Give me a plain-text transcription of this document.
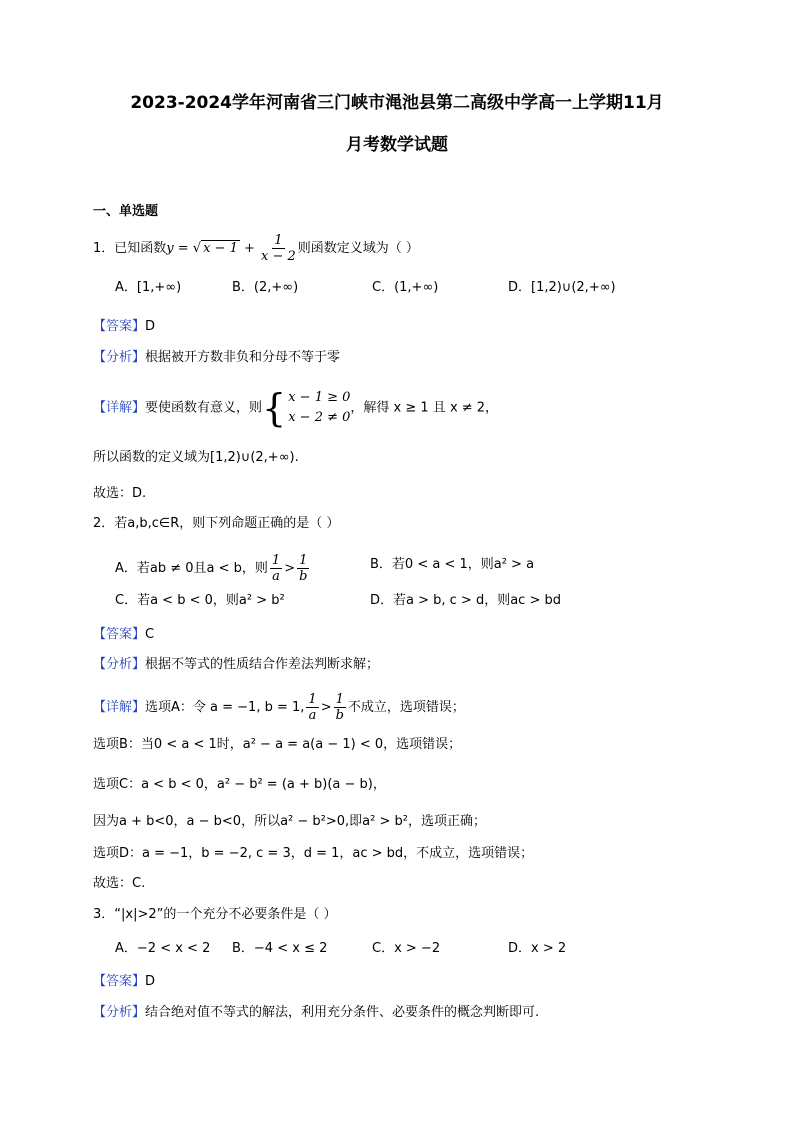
2023-2024学年河南省三门峡市渑池县第二高级中学高一上学期11月
月考数学试题
一、单选题
1．已知函数y = √ $x - 1 + \frac{1}{x - 2}$ 则函数定义域为（ ）
A．[1,+∞)	B．(2,+∞)	C．(1,+∞)	D．[1,2)∪(2,+∞)
【答案】D
【分析】根据被开方数非负和分母不等于零
【详解】要使函数有意义，则 { x − 1 ≥ 0
x − 2 ≠ 0
，解得 x ≥ 1 且 x ≠ 2，
所以函数的定义域为[1,2)∪(2,+∞).
故选：D.
2．若a,b,c∈R，则下列命题正确的是（ ）
A．若ab ≠ 0且a < b，则 $\frac{1}{a} > \frac{1}{b}$	B．若0 < a < 1，则a² > a
C．若a < b < 0，则a² > b²	D．若a > b, c > d，则ac > bd
【答案】C
【分析】根据不等式的性质结合作差法判断求解；
【详解】选项A：令 a = −1, b = 1, $\frac{1}{a} > \frac{1}{b}$ 不成立，选项错误；
选项B：当0 < a < 1时，a² − a = a(a − 1) < 0，选项错误；
选项C：a < b < 0，a² − b² = (a + b)(a − b)，
因为a + b<0，a − b<0，所以a² − b²>0,即a² > b²，选项正确；
选项D：a = −1，b = −2, c = 3，d = 1，ac > bd，不成立，选项错误；
故选：C.
3．“|x|>2”的一个充分不必要条件是（ ）
A．−2 < x < 2 B．−4 < x ≤ 2	C．x > −2	D．x > 2
【答案】D
【分析】结合绝对值不等式的解法，利用充分条件、必要条件的概念判断即可.
